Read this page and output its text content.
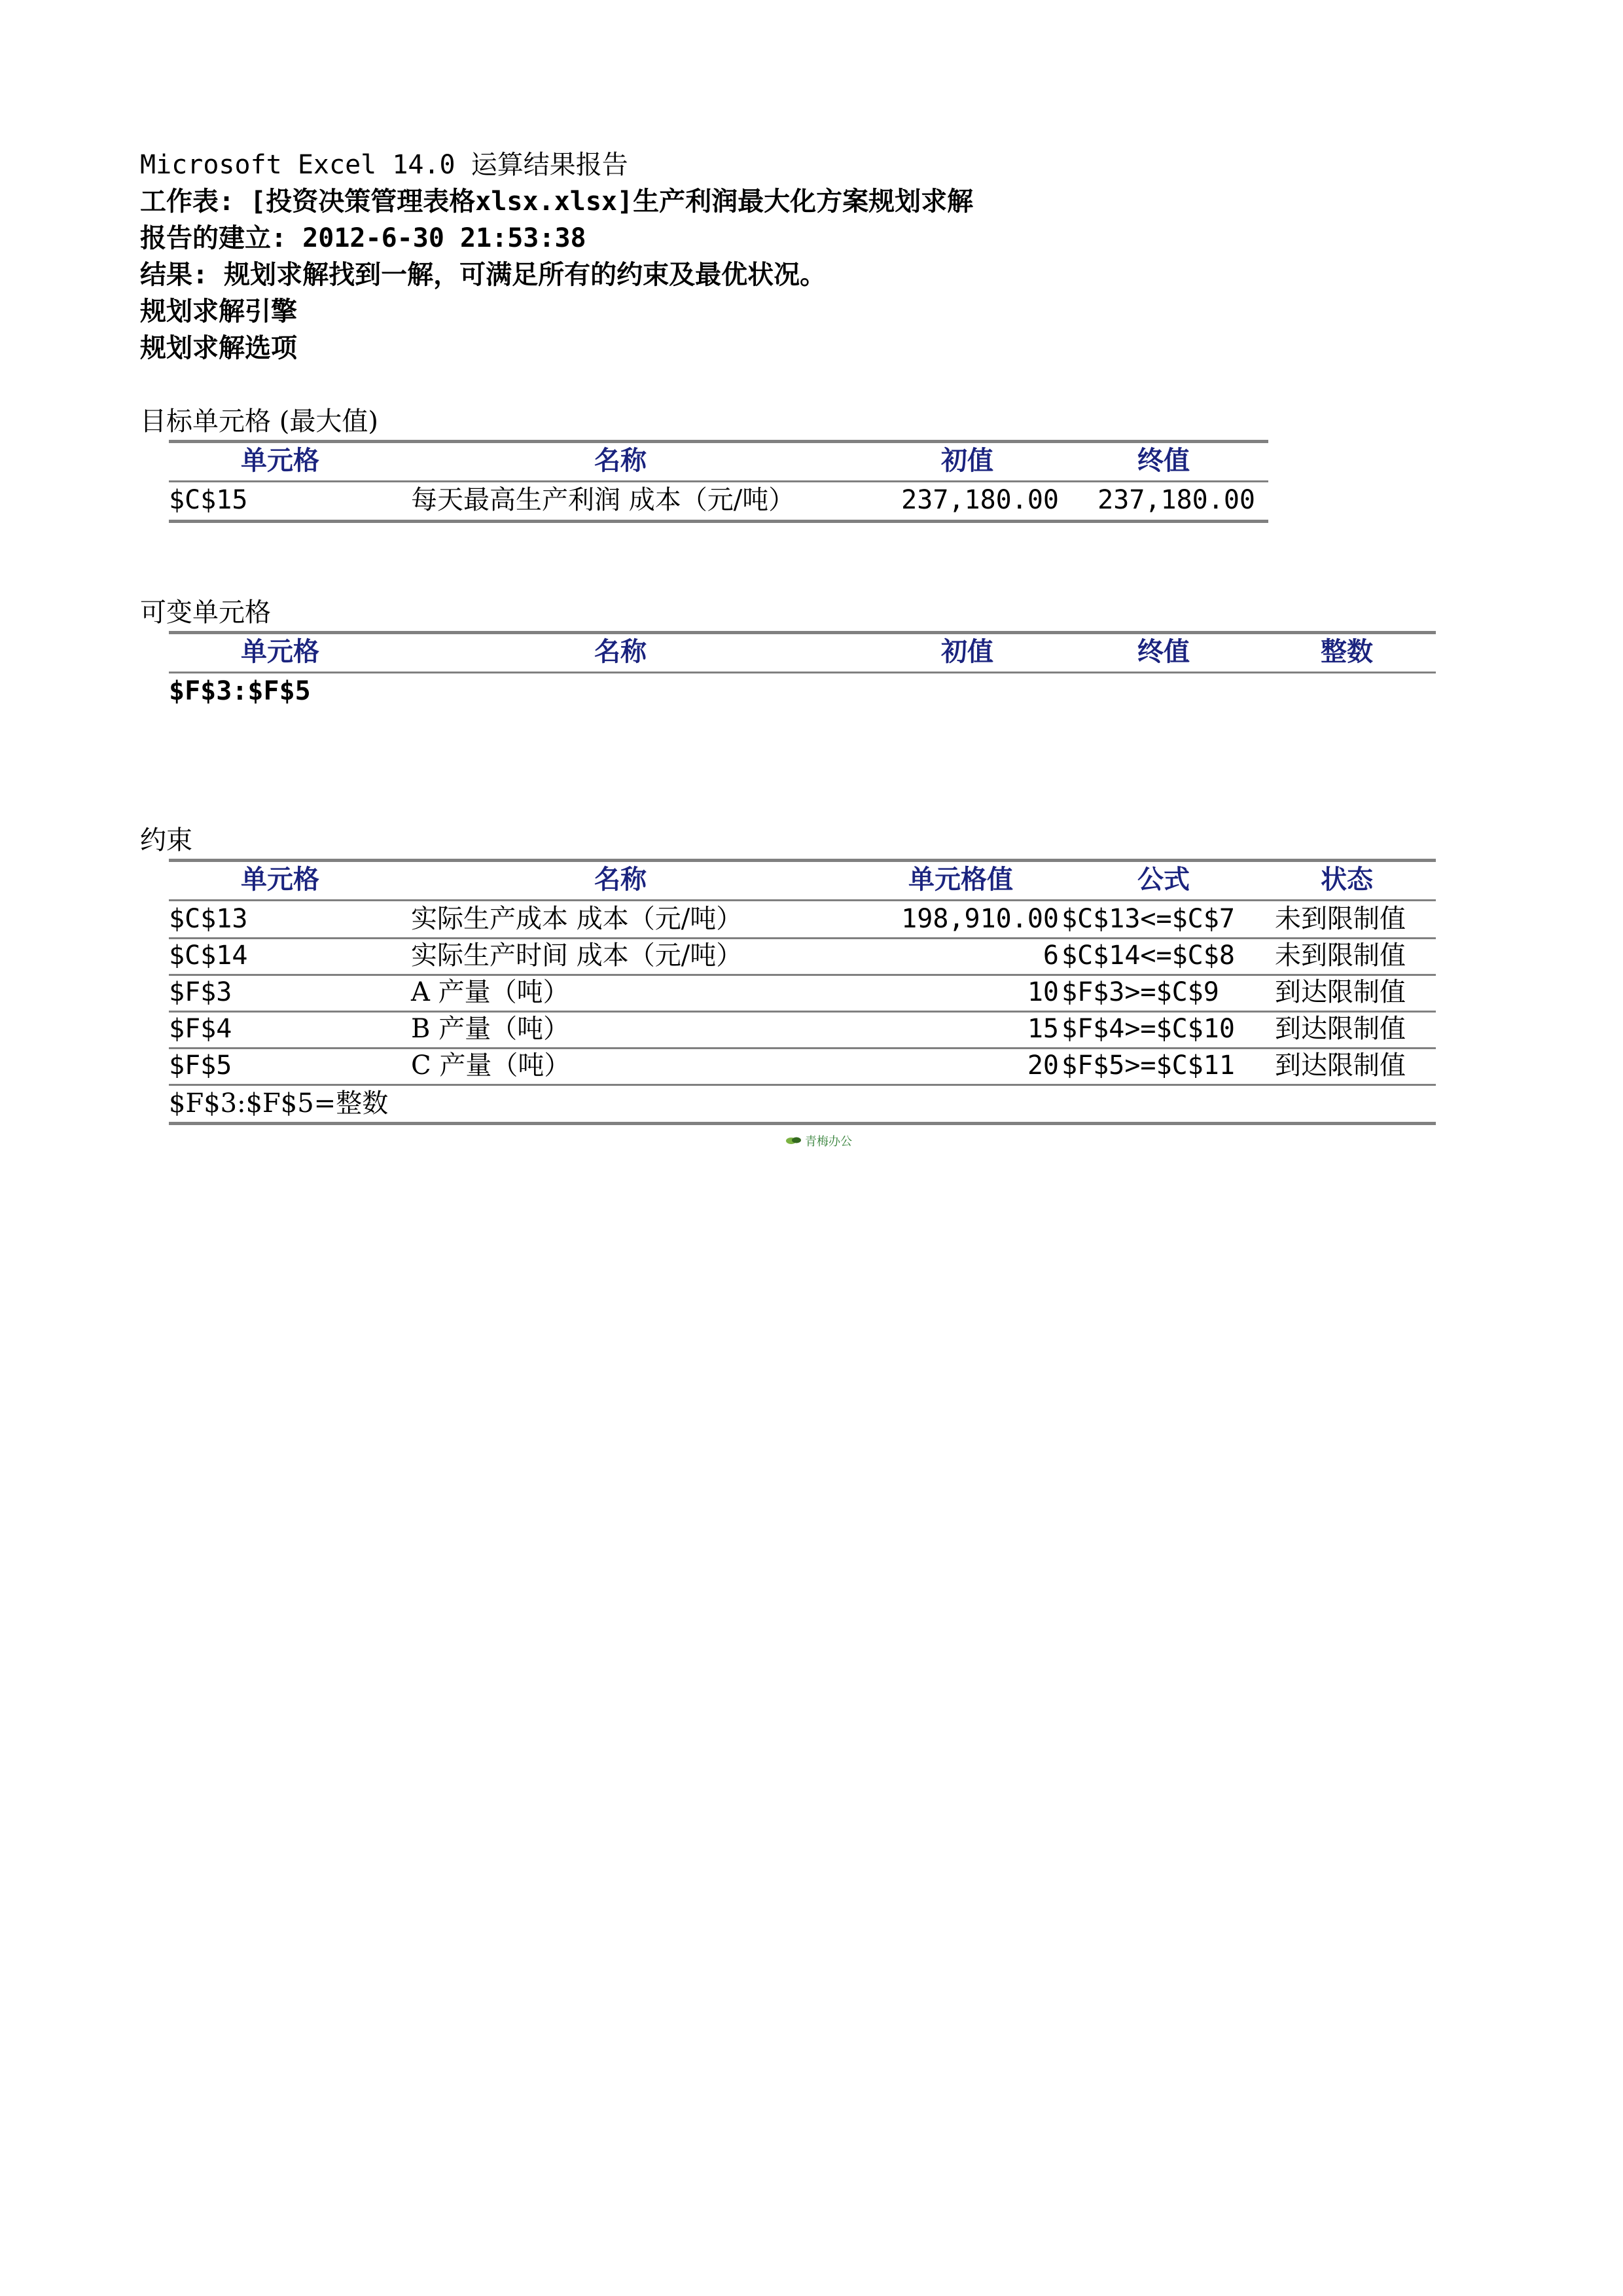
Microsoft Excel 14.0 运算结果报告
工作表: [投资决策管理表格xlsx.xlsx]生产利润最大化方案规划求解
报告的建立: 2012-6-30 21:53:38
结果: 规划求解找到一解，可满足所有的约束及最优状况。
规划求解引擎
规划求解选项
目标单元格 (最大值)
单元格	名称	初值	终值
$C$15	每天最高生产利润 成本（元/吨）	237,180.00	237,180.00
可变单元格
单元格	名称	初值	终值	整数
$F$3:$F$5
约束
单元格	名称	单元格值	公式	状态
$C$13	实际生产成本 成本（元/吨）	198,910.00 $C$13<=$C$7 未到限制值
$C$14	实际生产时间 成本（元/吨）	6 $C$14<=$C$8 未到限制值
$F$3	A 产量（吨）	10 $F$3>=$C$9 到达限制值
$F$4	B 产量（吨）	15 $F$4>=$C$10 到达限制值
$F$5	C 产量（吨）	20 $F$5>=$C$11 到达限制值
$F$3:$F$5=整数
青梅办公
